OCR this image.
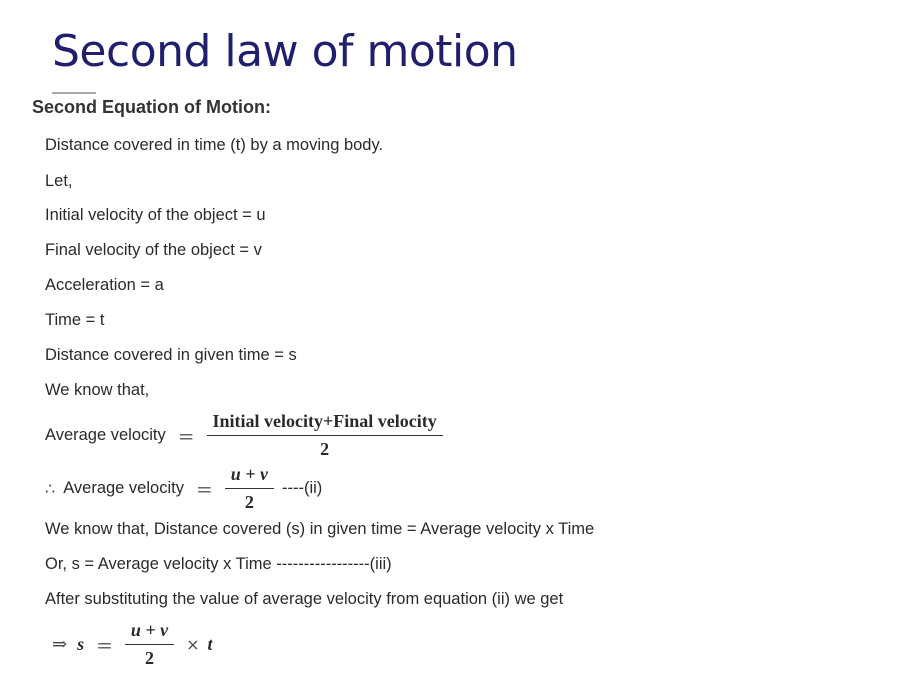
Second law of motion
Second Equation of Motion:
Distance covered in time (t) by a moving body.
Let,
Initial velocity of the object = u
Final velocity of the object = v
Acceleration = a
Time = t
Distance covered in given time = s
We know that,
Average velocity = $\frac{\text{Initial velocity+Final velocity}}{2}$
∴ Average velocity = $\frac{u + v}{2} ----(ii)$
We know that, Distance covered (s) in given time = Average velocity x Time
Or, s = Average velocity x Time -----------------(iii)
After substituting the value of average velocity from equation (ii) we get
⇒ $s = \frac{u + v}{2} \times t$
